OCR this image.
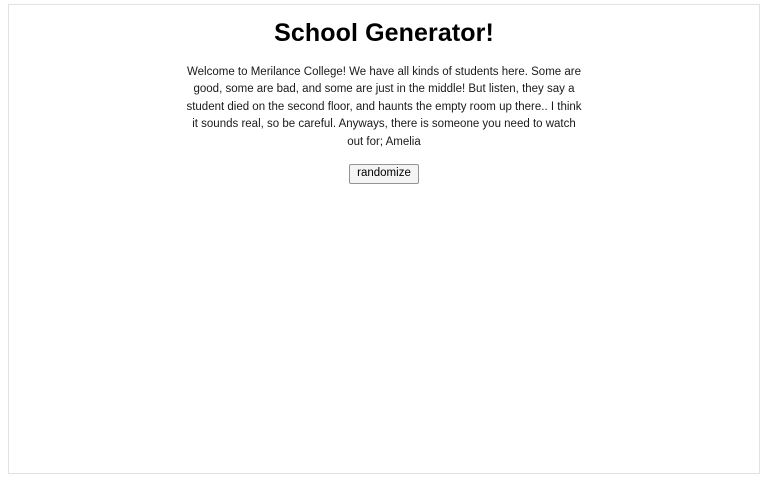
School Generator!

Welcome to Merilance College! We have all kinds of students here. Some are good, some are bad, and some are just in the middle! But listen, they say a student died on the second floor, and haunts the empty room up there.. I think it sounds real, so be careful. Anyways, there is someone you need to watch out for; Amelia

randomize
